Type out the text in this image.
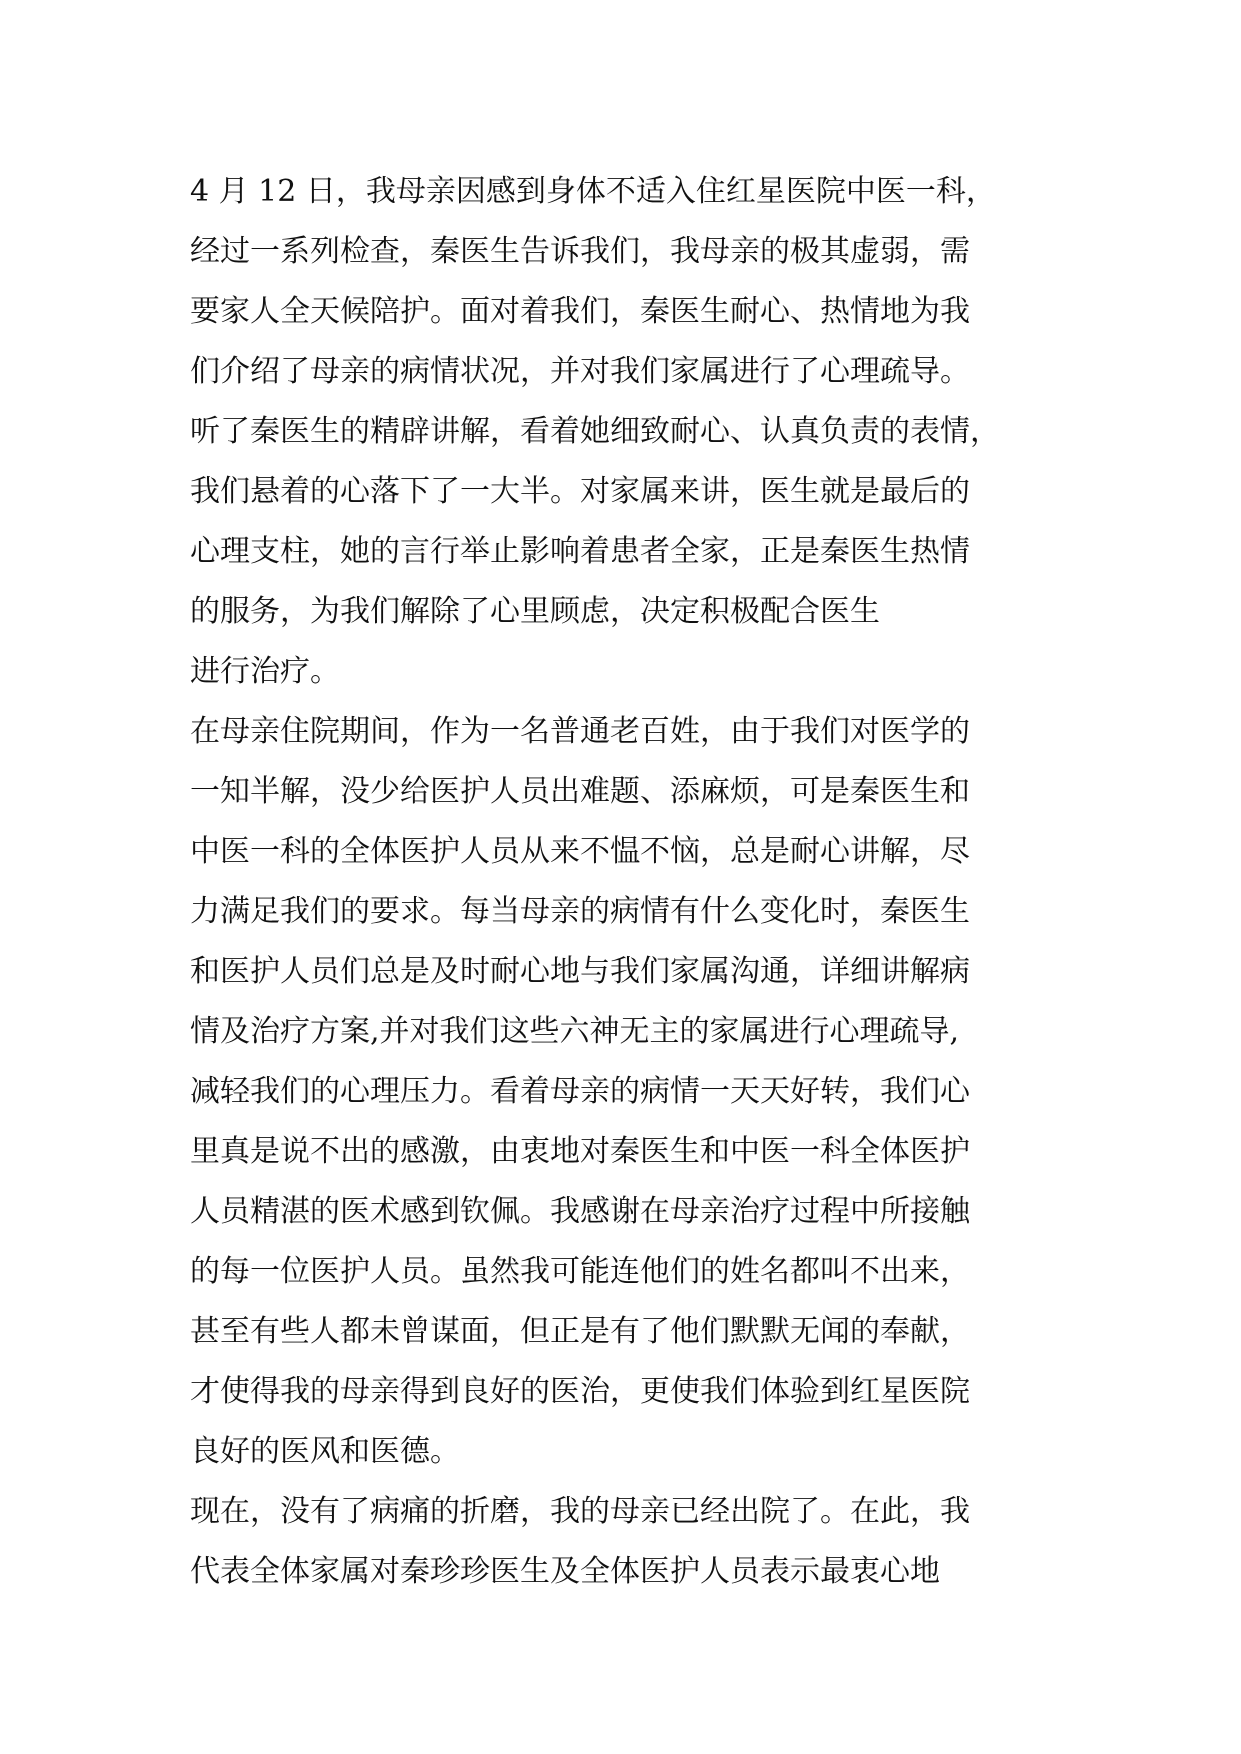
4 月 12 日，我母亲因感到身体不适入住红星医院中医一科，

经过一系列检查，秦医生告诉我们，我母亲的极其虚弱，需

要家人全天候陪护。面对着我们，秦医生耐心、热情地为我

们介绍了母亲的病情状况，并对我们家属进行了心理疏导。

听了秦医生的精辟讲解，看着她细致耐心、认真负责的表情，

我们悬着的心落下了一大半。对家属来讲，医生就是最后的

心理支柱，她的言行举止影响着患者全家，正是秦医生热情

的服务，为我们解除了心里顾虑，决定积极配合医生

进行治疗。

在母亲住院期间，作为一名普通老百姓，由于我们对医学的

一知半解，没少给医护人员出难题、添麻烦，可是秦医生和

中医一科的全体医护人员从来不愠不恼，总是耐心讲解，尽

力满足我们的要求。每当母亲的病情有什么变化时，秦医生

和医护人员们总是及时耐心地与我们家属沟通，详细讲解病

情及治疗方案,并对我们这些六神无主的家属进行心理疏导,

减轻我们的心理压力。看着母亲的病情一天天好转，我们心

里真是说不出的感激，由衷地对秦医生和中医一科全体医护

人员精湛的医术感到钦佩。我感谢在母亲治疗过程中所接触

的每一位医护人员。虽然我可能连他们的姓名都叫不出来，

甚至有些人都未曾谋面，但正是有了他们默默无闻的奉献，

才使得我的母亲得到良好的医治，更使我们体验到红星医院

良好的医风和医德。

现在，没有了病痛的折磨，我的母亲已经出院了。在此，我

代表全体家属对秦珍珍医生及全体医护人员表示最衷心地
